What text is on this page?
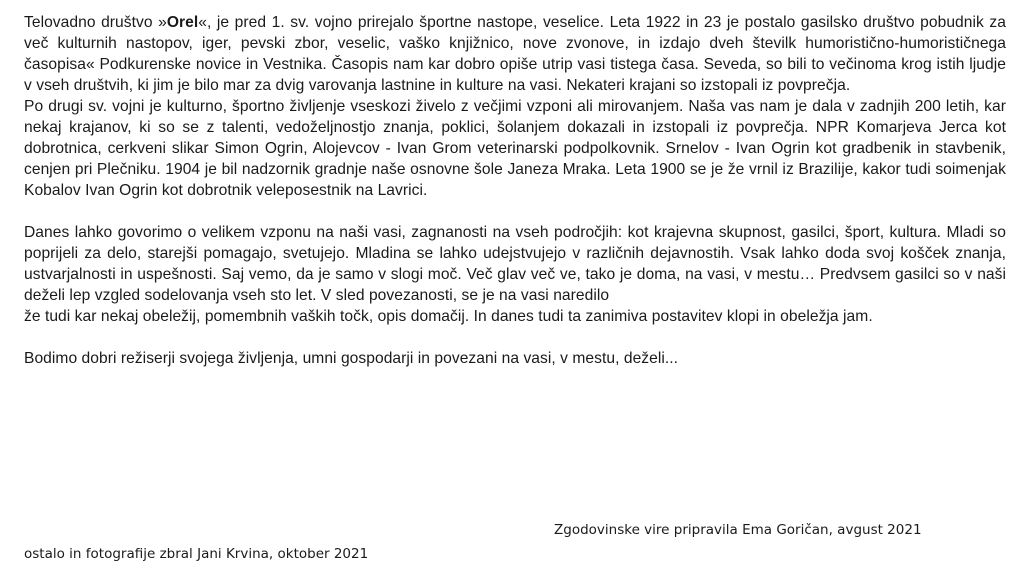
Telovadno društvo »Orel«, je pred 1. sv. vojno prirejalo športne nastope, veselice. Leta 1922 in 23 je postalo gasilsko društvo pobudnik za več kulturnih nastopov, iger, pevski zbor, veselic, vaško knjižnico, nove zvonove, in izdajo dveh številk humoristično-humorističnega časopisa« Podkurenske novice in Vestnika. Časopis nam kar dobro opiše utrip vasi tistega časa. Seveda, so bili to večinoma krog istih ljudje v vseh društvih, ki jim je bilo mar za dvig varovanja lastnine in kulture na vasi. Nekateri krajani so izstopali iz povprečja.

Po drugi sv. vojni je kulturno, športno življenje vseskozi živelo z večjimi vzponi ali mirovanjem. Naša vas nam je dala v zadnjih 200 letih, kar nekaj krajanov, ki so se z talenti, vedoželjnostjo znanja, poklici, šolanjem dokazali in izstopali iz povprečja. NPR Komarjeva Jerca kot dobrotnica, cerkveni slikar Simon Ogrin, Alojevcov - Ivan Grom veterinarski podpolkovnik. Srnelov - Ivan Ogrin kot gradbenik in stavbenik, cenjen pri Plečniku. 1904 je bil nadzornik gradnje naše osnovne šole Janeza Mraka. Leta 1900 se je že vrnil iz Brazilije, kakor tudi soimenjak Kobalov Ivan Ogrin kot dobrotnik veleposestnik na Lavrici.

Danes lahko govorimo o velikem vzponu na naši vasi, zagnanosti na vseh področjih: kot krajevna skupnost, gasilci, šport, kultura. Mladi so poprijeli za delo, starejši pomagajo, svetujejo. Mladina se lahko udejstvujejo v različnih dejavnostih. Vsak lahko doda svoj košček znanja, ustvarjalnosti in uspešnosti. Saj vemo, da je samo v slogi moč. Več glav več ve, tako je doma, na vasi, v mestu… Predvsem gasilci so v naši deželi lep vzgled sodelovanja vseh sto let. V sled povezanosti, se je na vasi naredilo

že tudi kar nekaj obeležij, pomembnih vaških točk, opis domačij. In danes tudi ta zanimiva postavitev klopi in obeležja jam.

Bodimo dobri režiserji svojega življenja, umni gospodarji in povezani na vasi, v mestu, deželi...

Zgodovinske vire pripravila Ema Goričan, avgust 2021
ostalo in fotografije zbral Jani Krvina, oktober 2021
